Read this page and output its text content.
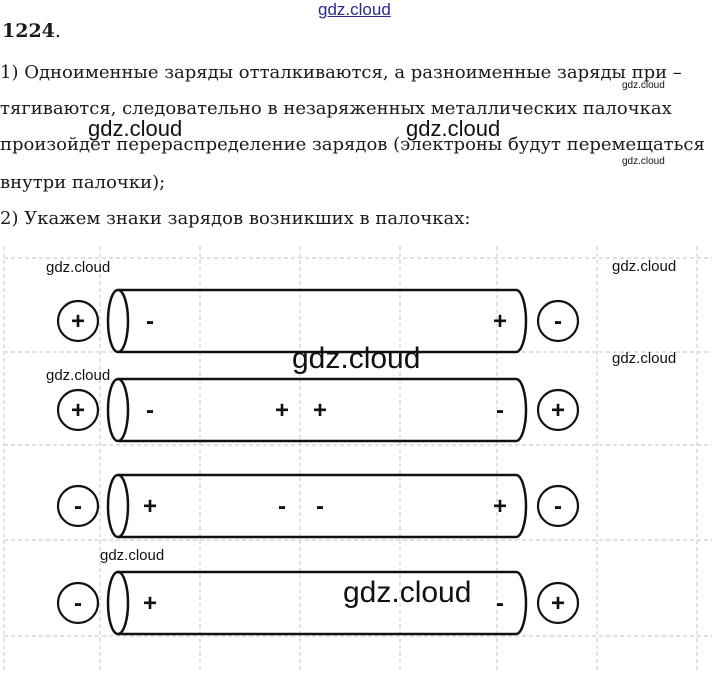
gdz.cloud
gdz.cloud
gdz.cloud	gdz.cloud
gdz.cloud
1224.
1) Одноименные заряды отталкиваются, а разноименные заряды при –
тягиваются, следовательно в незаряженных металлических палочках
произойдет перераспределение зарядов (электроны будут перемещаться
внутри палочки);
2) Укажем знаки зарядов возникших в палочках:
+	-	+ -
+	-	+ +	- +
-	+	- -	+ -
-	+	- +
gdz.cloud	gdz.cloud
gdz.cloud	gdz.cloud
gdz.cloud
gdz.cloud
gdz.cloud
